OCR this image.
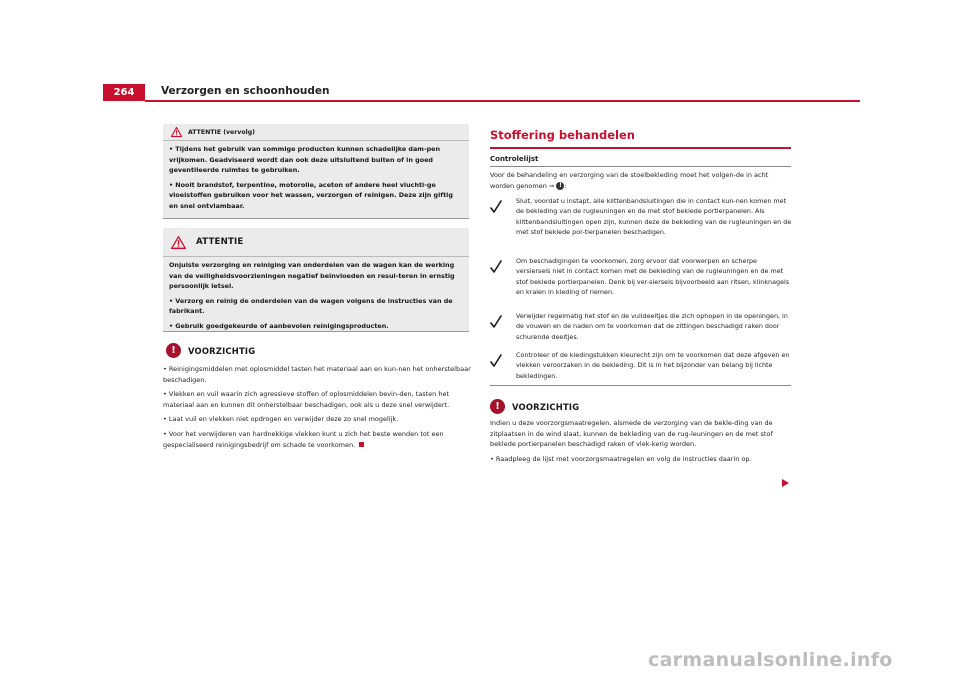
264	Verzorgen en schoonhouden
ATTENTIE (vervolg)

• Tijdens het gebruik van sommige producten kunnen schadelijke dam-pen vrijkomen. Geadviseerd wordt dan ook deze uitsluitend buiten of in goed geventileerde ruimtes te gebruiken.

• Nooit brandstof, terpentine, motorolie, aceton of andere heel vluchti-ge vloeistoffen gebruiken voor het wassen, verzorgen of reinigen. Deze zijn giftig en snel ontvlambaar.

ATTENTIE

Onjuiste verzorging en reiniging van onderdelen van de wagen kan de werking van de veiligheidsvoorzieningen negatief beïnvloeden en resul-teren in ernstig persoonlijk letsel.

• Verzorg en reinig de onderdelen van de wagen volgens de instructies van de fabrikant.

• Gebruik goedgekeurde of aanbevolen reinigingsproducten.

!	VOORZICHTIG

• Reinigingsmiddelen met oplosmiddel tasten het materiaal aan en kun-nen het onherstelbaar beschadigen.

• Vlekken en vuil waarin zich agressieve stoffen of oplosmiddelen bevin-den, tasten het materiaal aan en kunnen dit onherstelbaar beschadigen, ook als u deze snel verwijdert.

• Laat vuil en vlekken niet opdrogen en verwijder deze zo snel mogelijk.

• Voor het verwijderen van hardnekkige vlekken kunt u zich het beste wenden tot een gespecialiseerd reinigingsbedrijf om schade te voorkomen.

Stoffering behandelen
Controlelijst
Voor de behandeling en verzorging van de stoelbekleding moet het volgen-de in acht worden genomen ⇒ ! :
Sluit, voordat u instapt, alle klittenbandsluitingen die in contact kun-nen komen met de bekleding van de rugleuningen en de met stof beklede portierpanelen. Als klittenbandsluitingen open zijn, kunnen deze de bekleding van de rugleuningen en de met stof beklede por-tierpanelen beschadigen.
Om beschadigingen te voorkomen, zorg ervoor dat voorwerpen en scherpe versiersels niet in contact komen met de bekleding van de rugleuningen en de met stof beklede portierpanelen. Denk bij ver-siersels bijvoorbeeld aan ritsen, klinknagels en kralen in kleding of riemen.
Verwijder regelmatig het stof en de vuildeeltjes die zich ophopen in de openingen, in de vouwen en de naden om te voorkomen dat de zittingen beschadigd raken door schurende deeltjes.
Controleer of de kledingstukken kleurecht zijn om te voorkomen dat deze afgeven en vlekken veroorzaken in de bekleding. Dit is in het bijzonder van belang bij lichte bekledingen.
!	VOORZICHTIG

Indien u deze voorzorgsmaatregelen, alsmede de verzorging van de bekle-ding van de zitplaatsen in de wind slaat, kunnen de bekleding van de rug-leuningen en de met stof beklede portierpanelen beschadigd raken of vlek-kerig worden.

• Raadpleeg de lijst met voorzorgsmaatregelen en volg de instructies daarin op.

carmanualsonline.info
